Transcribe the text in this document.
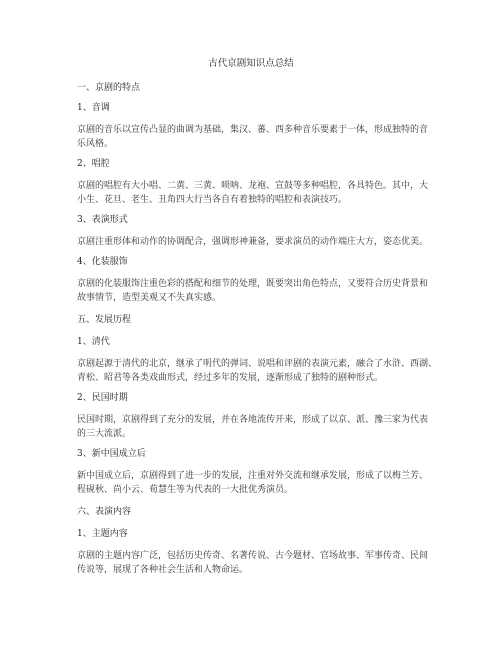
古代京剧知识点总结
一、京剧的特点
1、音调
京剧的音乐以宣传凸显的曲调为基础，集汉、蕃、西多种音乐要素于一体，形成独特的音
乐风格。
2、唱腔
京剧的唱腔有大小唱、二黄、三黄、唢呐、龙袍、宣鼓等多种唱腔，各具特色。其中，大
小生、花旦、老生、丑角四大行当各自有着独特的唱腔和表演技巧。
3、表演形式
京剧注重形体和动作的协调配合，强调形神兼备，要求演员的动作端庄大方，姿态优美。
4、化装服饰
京剧的化装服饰注重色彩的搭配和细节的处理，既要突出角色特点，又要符合历史背景和
故事情节，造型美观又不失真实感。
五、发展历程
1、清代
京剧起源于清代的北京，继承了明代的弹词、说唱和评剧的表演元素，融合了水浒、西湖、
青松、昭君等各类戏曲形式，经过多年的发展，逐渐形成了独特的剧种形式。
2、民国时期
民国时期，京剧得到了充分的发展，并在各地流传开来，形成了以京、派、豫三家为代表
的三大流派。
3、新中国成立后
新中国成立后，京剧得到了进一步的发展，注重对外交流和继承发展，形成了以梅兰芳、
程砚秋、尚小云、荀慧生等为代表的一大批优秀演员。
六、表演内容
1、主题内容
京剧的主题内容广泛，包括历史传奇、名著传说、古今题材、官场故事、军事传奇、民间
传说等，展现了各种社会生活和人物命运。
